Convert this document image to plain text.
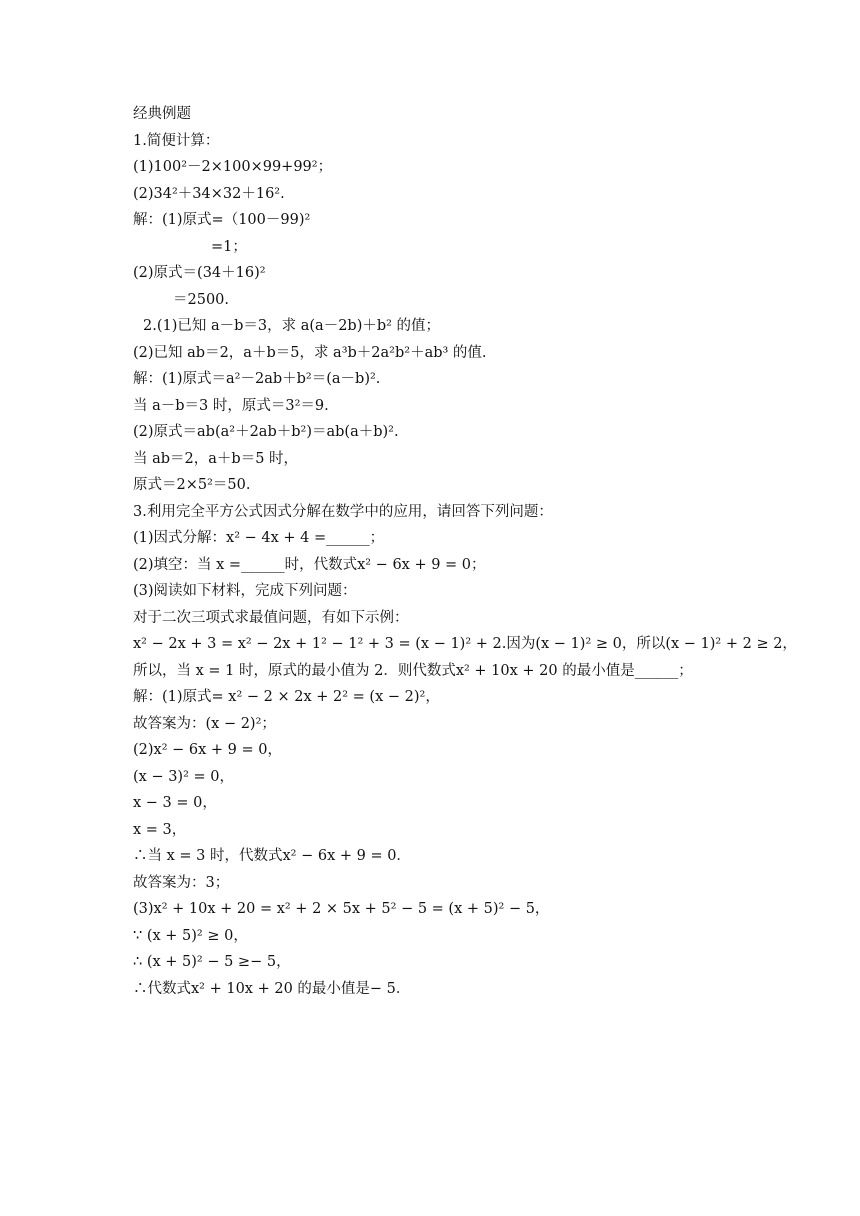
经典例题
1.简便计算：
(1)100²－2×100×99+99²；
(2)34²＋34×32＋16².
解：(1)原式=（100－99)²
=1；
(2)原式＝(34＋16)²
＝2500.
2.(1)已知 a－b＝3，求 a(a－2b)＋b² 的值；
(2)已知 ab＝2，a＋b＝5，求 a³b＋2a²b²＋ab³ 的值.
解：(1)原式＝a²－2ab＋b²＝(a－b)².
当 a－b＝3 时，原式＝3²＝9.
(2)原式＝ab(a²＋2ab＋b²)＝ab(a＋b)².
当 ab＝2，a＋b＝5 时，
原式＝2×5²＝50.
3.利用完全平方公式因式分解在数学中的应用，请回答下列问题：
(1)因式分解：x² − 4x + 4 =______；
(2)填空：当 x =______时，代数式x² − 6x + 9 = 0；
(3)阅读如下材料，完成下列问题：
对于二次三项式求最值问题，有如下示例：
x² − 2x + 3 = x² − 2x + 1² − 1² + 3 = (x − 1)² + 2.因为(x − 1)² ≥ 0，所以(x − 1)² + 2 ≥ 2，
所以，当 x = 1 时，原式的最小值为 2．则代数式x² + 10x + 20 的最小值是______；
解：(1)原式= x² − 2 × 2x + 2² = (x − 2)²，
故答案为：(x − 2)²；
(2)x² − 6x + 9 = 0，
(x − 3)² = 0，
x − 3 = 0，
x = 3，
∴当 x = 3 时，代数式x² − 6x + 9 = 0．
故答案为：3；
(3)x² + 10x + 20 = x² + 2 × 5x + 5² − 5 = (x + 5)² − 5，
∵ (x + 5)² ≥ 0，
∴ (x + 5)² − 5 ≥− 5，
∴代数式x² + 10x + 20 的最小值是− 5．
